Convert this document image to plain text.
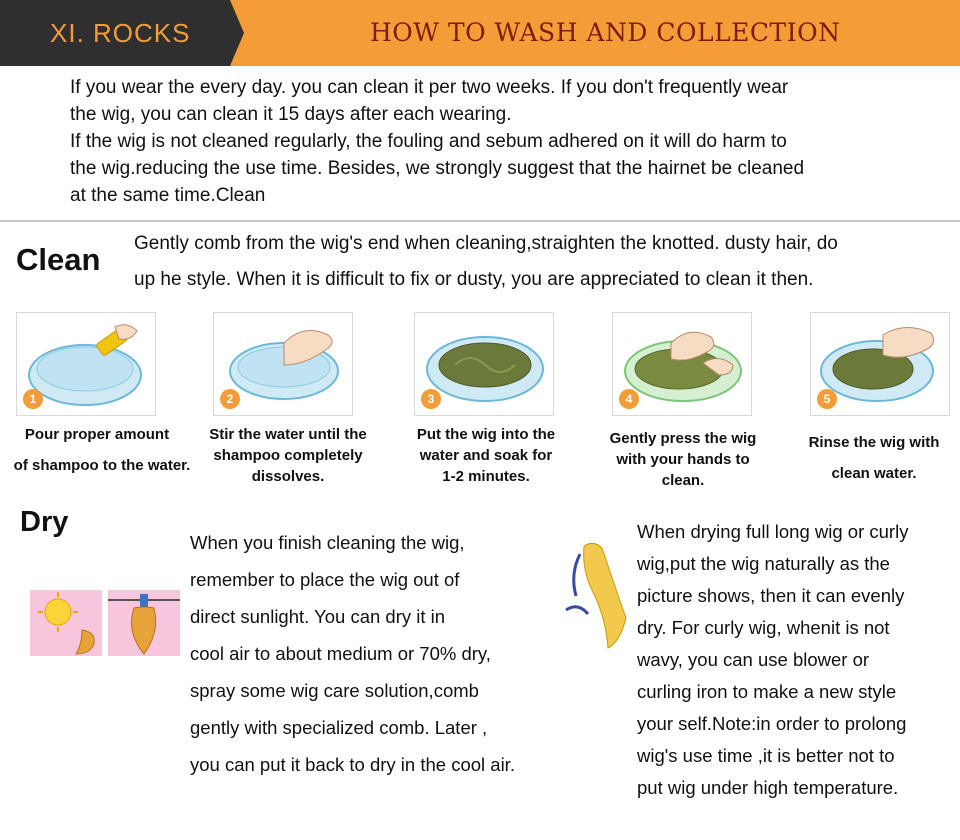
XI. ROCKS	HOW TO WASH AND COLLECTION
If you wear the every day. you can clean it per two weeks. If you don't frequently wear
the wig, you can clean it 15 days after each wearing.
If the wig is not cleaned regularly, the fouling and sebum adhered on it will do harm to
the wig.reducing the use time. Besides, we strongly suggest that the hairnet be cleaned
at the same time.Clean
Clean Gently comb from the wig's end when cleaning,straighten the knotted. dusty hair, do
up he style. When it is difficult to fix or dusty, you are appreciated to clean it then.
1
Pour proper amount
of shampoo to the water.
2
Stir the water until the
shampoo completely
dissolves.
3
Put the wig into the
water and soak for
1-2 minutes.
4
Gently press the wig
with your hands to
clean.
5
Rinse the wig with
clean water.
Dry
When you finish cleaning the wig,
remember to place the wig out of
direct sunlight. You can dry it in
cool air to about medium or 70% dry,
spray some wig care solution,comb
gently with specialized comb. Later ,
you can put it back to dry in the cool air.
When drying full long wig or curly
wig,put the wig naturally as the
picture shows, then it can evenly
dry. For curly wig, whenit is not
wavy, you can use blower or
curling iron to make a new style
your self.Note:in order to prolong
wig's use time ,it is better not to
put wig under high temperature.
